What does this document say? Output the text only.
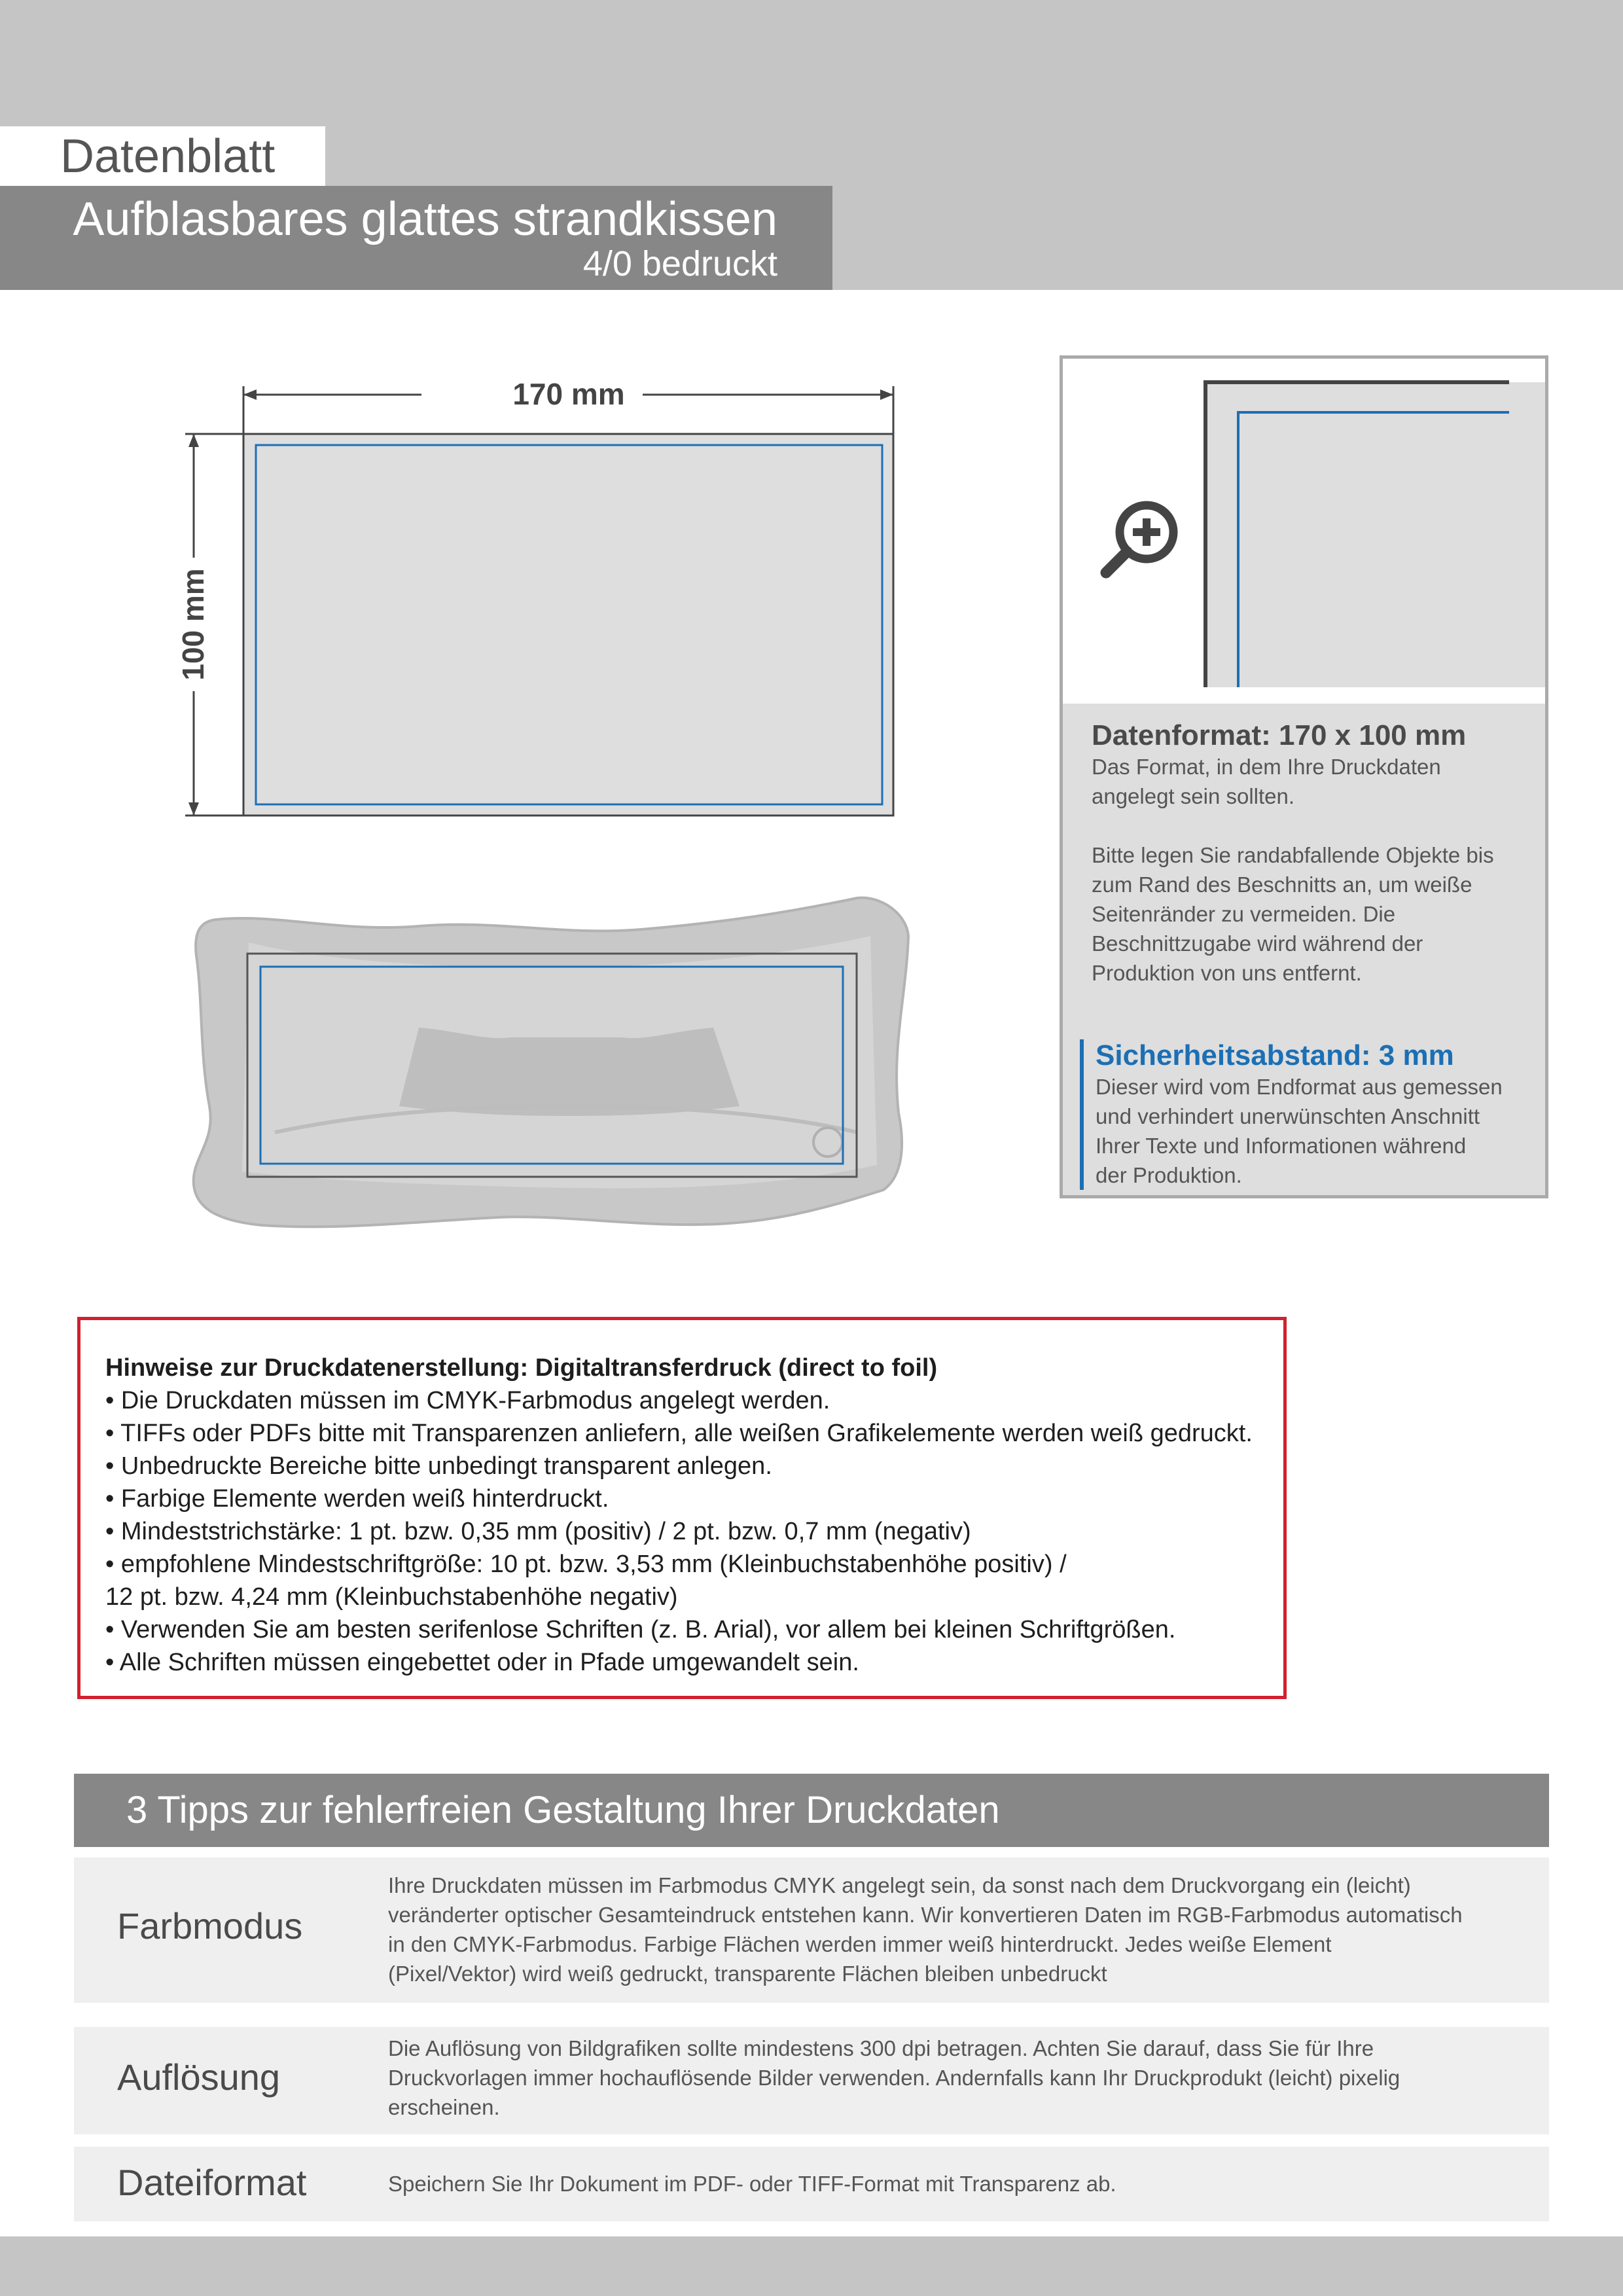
Datenblatt
Aufblasbares glattes strandkissen
4/0 bedruckt
170 mm
100 mm
Datenformat: 170 x 100 mm
Das Format, in dem Ihre Druckdaten
angelegt sein sollten.
Bitte legen Sie randabfallende Objekte bis
zum Rand des Beschnitts an, um weiße
Seitenränder zu vermeiden. Die
Beschnittzugabe wird während der
Produktion von uns entfernt.
Sicherheitsabstand: 3 mm
Dieser wird vom Endformat aus gemessen
und verhindert unerwünschten Anschnitt
Ihrer Texte und Informationen während
der Produktion.
Hinweise zur Druckdatenerstellung: Digitaltransferdruck (direct to foil)
• Die Druckdaten müssen im CMYK-Farbmodus angelegt werden.
• TIFFs oder PDFs bitte mit Transparenzen anliefern, alle weißen Grafikelemente werden weiß gedruckt.
• Unbedruckte Bereiche bitte unbedingt transparent anlegen.
• Farbige Elemente werden weiß hinterdruckt.
• Mindeststrichstärke: 1 pt. bzw. 0,35 mm (positiv) / 2 pt. bzw. 0,7 mm (negativ)
• empfohlene Mindestschriftgröße: 10 pt. bzw. 3,53 mm (Kleinbuchstabenhöhe positiv) /
12 pt. bzw. 4,24 mm (Kleinbuchstabenhöhe negativ)
• Verwenden Sie am besten serifenlose Schriften (z. B. Arial), vor allem bei kleinen Schriftgrößen.
• Alle Schriften müssen eingebettet oder in Pfade umgewandelt sein.
3 Tipps zur fehlerfreien Gestaltung Ihrer Druckdaten
Farbmodus
Ihre Druckdaten müssen im Farbmodus CMYK angelegt sein, da sonst nach dem Druckvorgang ein (leicht)
veränderter optischer Gesamteindruck entstehen kann. Wir konvertieren Daten im RGB-Farbmodus automatisch
in den CMYK-Farbmodus. Farbige Flächen werden immer weiß hinterdruckt. Jedes weiße Element
(Pixel/Vektor) wird weiß gedruckt, transparente Flächen bleiben unbedruckt
Auflösung
Die Auflösung von Bildgrafiken sollte mindestens 300 dpi betragen. Achten Sie darauf, dass Sie für Ihre
Druckvorlagen immer hochauflösende Bilder verwenden. Andernfalls kann Ihr Druckprodukt (leicht) pixelig
erscheinen.
Dateiformat	Speichern Sie Ihr Dokument im PDF- oder TIFF-Format mit Transparenz ab.
